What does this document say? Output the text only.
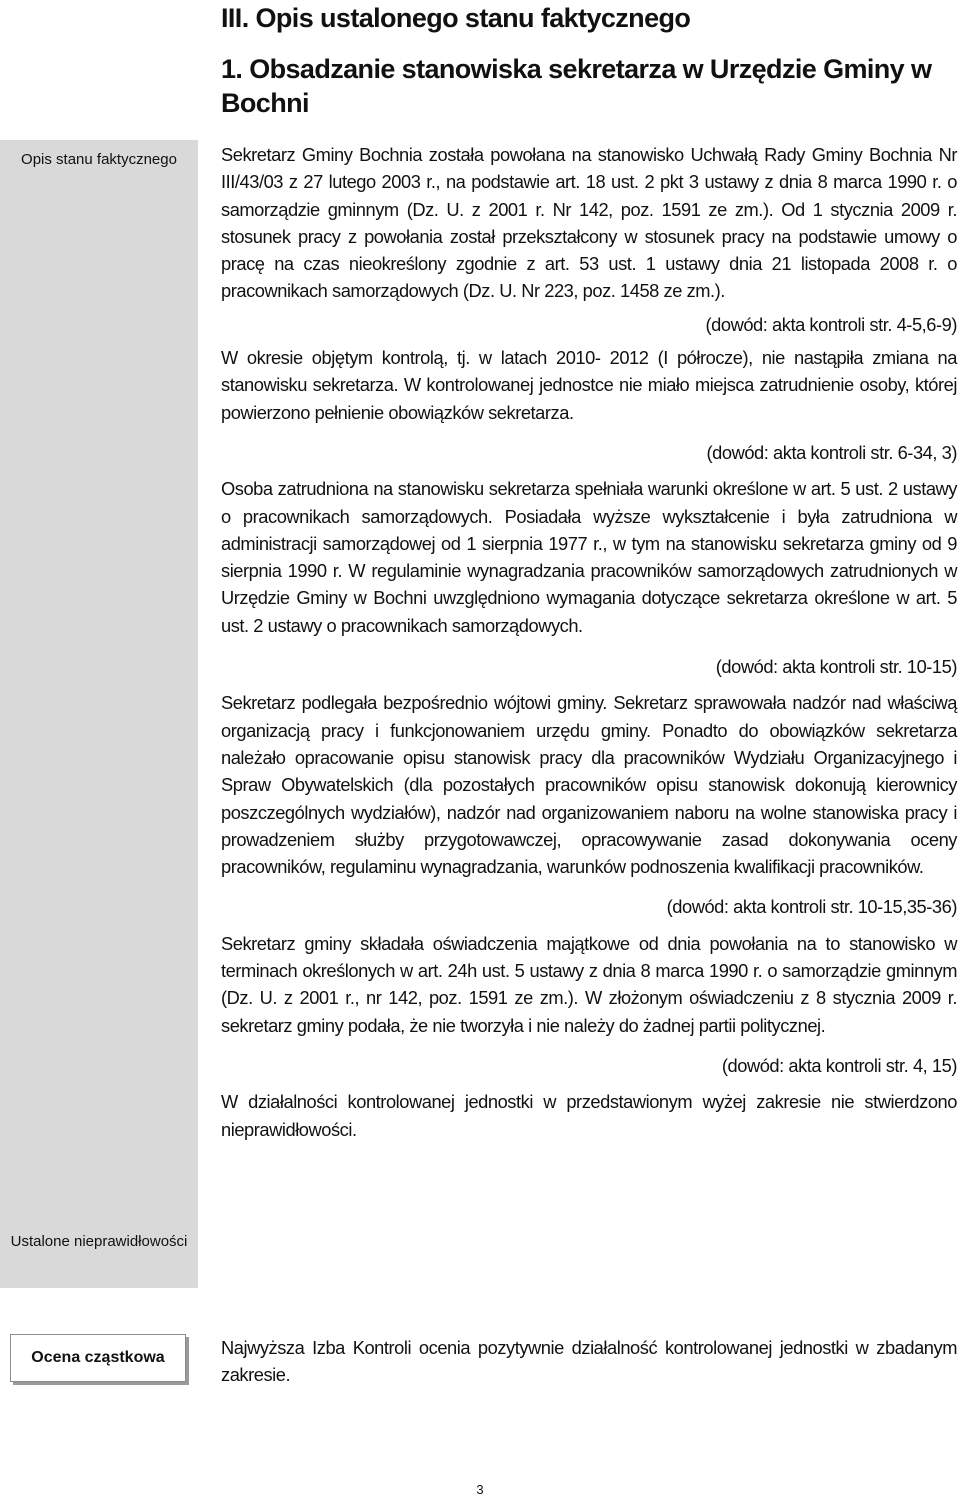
III. Opis ustalonego stanu faktycznego
1. Obsadzanie stanowiska sekretarza w Urzędzie Gminy w Bochni
Opis stanu faktycznego
Ustalone nieprawidłowości

Sekretarz Gminy Bochnia została powołana na stanowisko Uchwałą Rady Gminy Bochnia Nr III/43/03 z 27 lutego 2003 r., na podstawie art. 18 ust. 2 pkt 3 ustawy z dnia 8 marca 1990 r. o samorządzie gminnym (Dz. U. z 2001 r. Nr 142, poz. 1591 ze zm.). Od 1 stycznia 2009 r. stosunek pracy z powołania został przekształcony w stosunek pracy na podstawie umowy o pracę na czas nieokreślony zgodnie z art. 53 ust. 1 ustawy dnia 21 listopada 2008 r. o pracownikach samorządowych (Dz. U. Nr 223, poz. 1458 ze zm.).

(dowód: akta kontroli str. 4-5,6-9)

W okresie objętym kontrolą, tj. w latach 2010- 2012 (I półrocze), nie nastąpiła zmiana na stanowisku sekretarza. W kontrolowanej jednostce nie miało miejsca zatrudnienie osoby, której powierzono pełnienie obowiązków sekretarza.

(dowód: akta kontroli str. 6-34, 3)

Osoba zatrudniona na stanowisku sekretarza spełniała warunki określone w art. 5 ust. 2 ustawy o pracownikach samorządowych. Posiadała wyższe wykształcenie i była zatrudniona w administracji samorządowej od 1 sierpnia 1977 r., w tym na stanowisku sekretarza gminy od 9 sierpnia 1990 r. W regulaminie wynagradzania pracowników samorządowych zatrudnionych w Urzędzie Gminy w Bochni uwzględniono wymagania dotyczące sekretarza określone w art. 5 ust. 2 ustawy o pracownikach samorządowych.

(dowód: akta kontroli str. 10-15)

Sekretarz podlegała bezpośrednio wójtowi gminy. Sekretarz sprawowała nadzór nad właściwą organizacją pracy i funkcjonowaniem urzędu gminy. Ponadto do obowiązków sekretarza należało opracowanie opisu stanowisk pracy dla pracowników Wydziału Organizacyjnego i Spraw Obywatelskich (dla pozostałych pracowników opisu stanowisk dokonują kierownicy poszczególnych wydziałów), nadzór nad organizowaniem naboru na wolne stanowiska pracy i prowadzeniem służby przygotowawczej, opracowywanie zasad dokonywania oceny pracowników, regulaminu wynagradzania, warunków podnoszenia kwalifikacji pracowników.

(dowód: akta kontroli str. 10-15,35-36)

Sekretarz gminy składała oświadczenia majątkowe od dnia powołania na to stanowisko w terminach określonych w art. 24h ust. 5 ustawy z dnia 8 marca 1990 r. o samorządzie gminnym (Dz. U. z 2001 r., nr 142, poz. 1591 ze zm.). W złożonym oświadczeniu z 8 stycznia 2009 r. sekretarz gminy podała, że nie tworzyła i nie należy do żadnej partii politycznej.

(dowód: akta kontroli str. 4, 15)

W działalności kontrolowanej jednostki w przedstawionym wyżej zakresie nie stwierdzono nieprawidłowości.

Ocena cząstkowa	Najwyższa Izba Kontroli ocenia pozytywnie działalność kontrolowanej jednostki w zbadanym zakresie.

3
